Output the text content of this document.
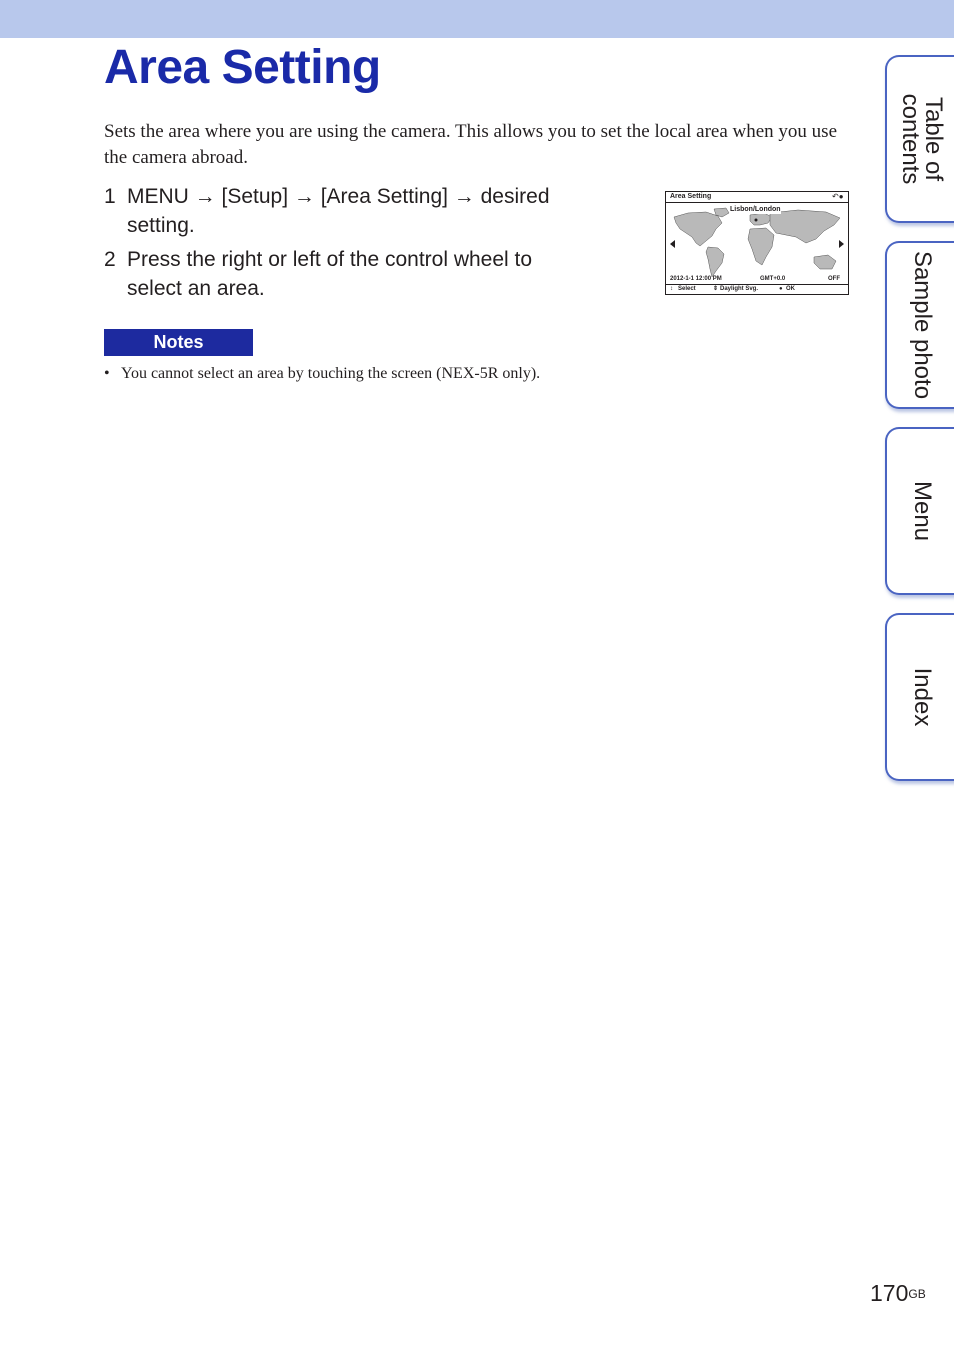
Area Setting

Sets the area where you are using the camera. This allows you to set the local area when you use the camera abroad.

1 MENU → [Setup] → [Area Setting] → desired setting.
2 Press the right or left of the control wheel to select an area.
Area Setting	↶●
Lisbon/London
2012-1-1 12:00 PM	GMT+0.0	OFF
↕ Select	⇕ Daylight Svg.	● OK
Notes
• You cannot select an area by touching the screen (NEX-5R only).
Table of contents
Sample photo
Menu
Index
$170^{GB}$
